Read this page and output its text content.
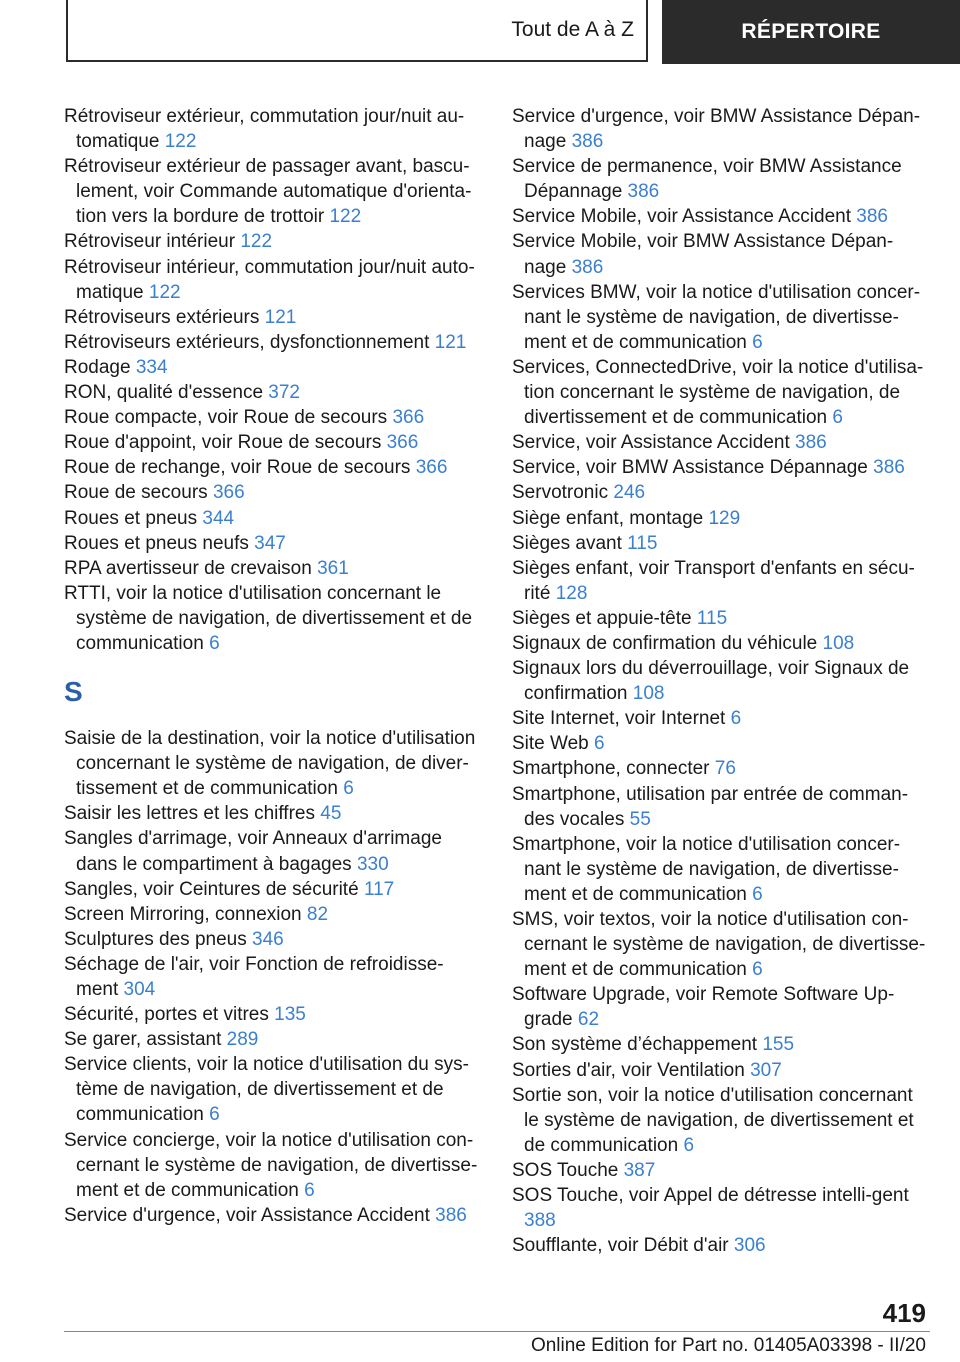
Tout de A à Z	RÉPERTOIRE

Rétroviseur extérieur, commutation jour/nuit au-tomatique 122

Rétroviseur extérieur de passager avant, bascu-lement, voir Commande automatique d'orienta-tion vers la bordure de trottoir 122

Rétroviseur intérieur 122

Rétroviseur intérieur, commutation jour/nuit auto-matique 122

Rétroviseurs extérieurs 121

Rétroviseurs extérieurs, dysfonctionnement 121

Rodage 334

RON, qualité d'essence 372

Roue compacte, voir Roue de secours 366

Roue d'appoint, voir Roue de secours 366

Roue de rechange, voir Roue de secours 366

Roue de secours 366

Roues et pneus 344

Roues et pneus neufs 347

RPA avertisseur de crevaison 361

RTTI, voir la notice d'utilisation concernant le système de navigation, de divertissement et de communication 6

S

Saisie de la destination, voir la notice d'utilisation concernant le système de navigation, de diver-tissement et de communication 6

Saisir les lettres et les chiffres 45

Sangles d'arrimage, voir Anneaux d'arrimage dans le compartiment à bagages 330

Sangles, voir Ceintures de sécurité 117

Screen Mirroring, connexion 82

Sculptures des pneus 346

Séchage de l'air, voir Fonction de refroidisse-ment 304

Sécurité, portes et vitres 135

Se garer, assistant 289

Service clients, voir la notice d'utilisation du sys-tème de navigation, de divertissement et de communication 6

Service concierge, voir la notice d'utilisation con-cernant le système de navigation, de divertisse-ment et de communication 6

Service d'urgence, voir Assistance Accident 386

Service d'urgence, voir BMW Assistance Dépan-nage 386

Service de permanence, voir BMW Assistance Dépannage 386

Service Mobile, voir Assistance Accident 386

Service Mobile, voir BMW Assistance Dépan-nage 386

Services BMW, voir la notice d'utilisation concer-nant le système de navigation, de divertisse-ment et de communication 6

Services, ConnectedDrive, voir la notice d'utilisa-tion concernant le système de navigation, de divertissement et de communication 6

Service, voir Assistance Accident 386

Service, voir BMW Assistance Dépannage 386

Servotronic 246

Siège enfant, montage 129

Sièges avant 115

Sièges enfant, voir Transport d'enfants en sécu-rité 128

Sièges et appuie-tête 115

Signaux de confirmation du véhicule 108

Signaux lors du déverrouillage, voir Signaux de confirmation 108

Site Internet, voir Internet 6

Site Web 6

Smartphone, connecter 76

Smartphone, utilisation par entrée de comman-des vocales 55

Smartphone, voir la notice d'utilisation concer-nant le système de navigation, de divertisse-ment et de communication 6

SMS, voir textos, voir la notice d'utilisation con-cernant le système de navigation, de divertisse-ment et de communication 6

Software Upgrade, voir Remote Software Up-grade 62

Son système d’échappement 155

Sorties d'air, voir Ventilation 307

Sortie son, voir la notice d'utilisation concernant le système de navigation, de divertissement et de communication 6

SOS Touche 387

SOS Touche, voir Appel de détresse intelli-gent 388

Soufflante, voir Débit d'air 306

419
Online Edition for Part no. 01405A03398 - II/20
